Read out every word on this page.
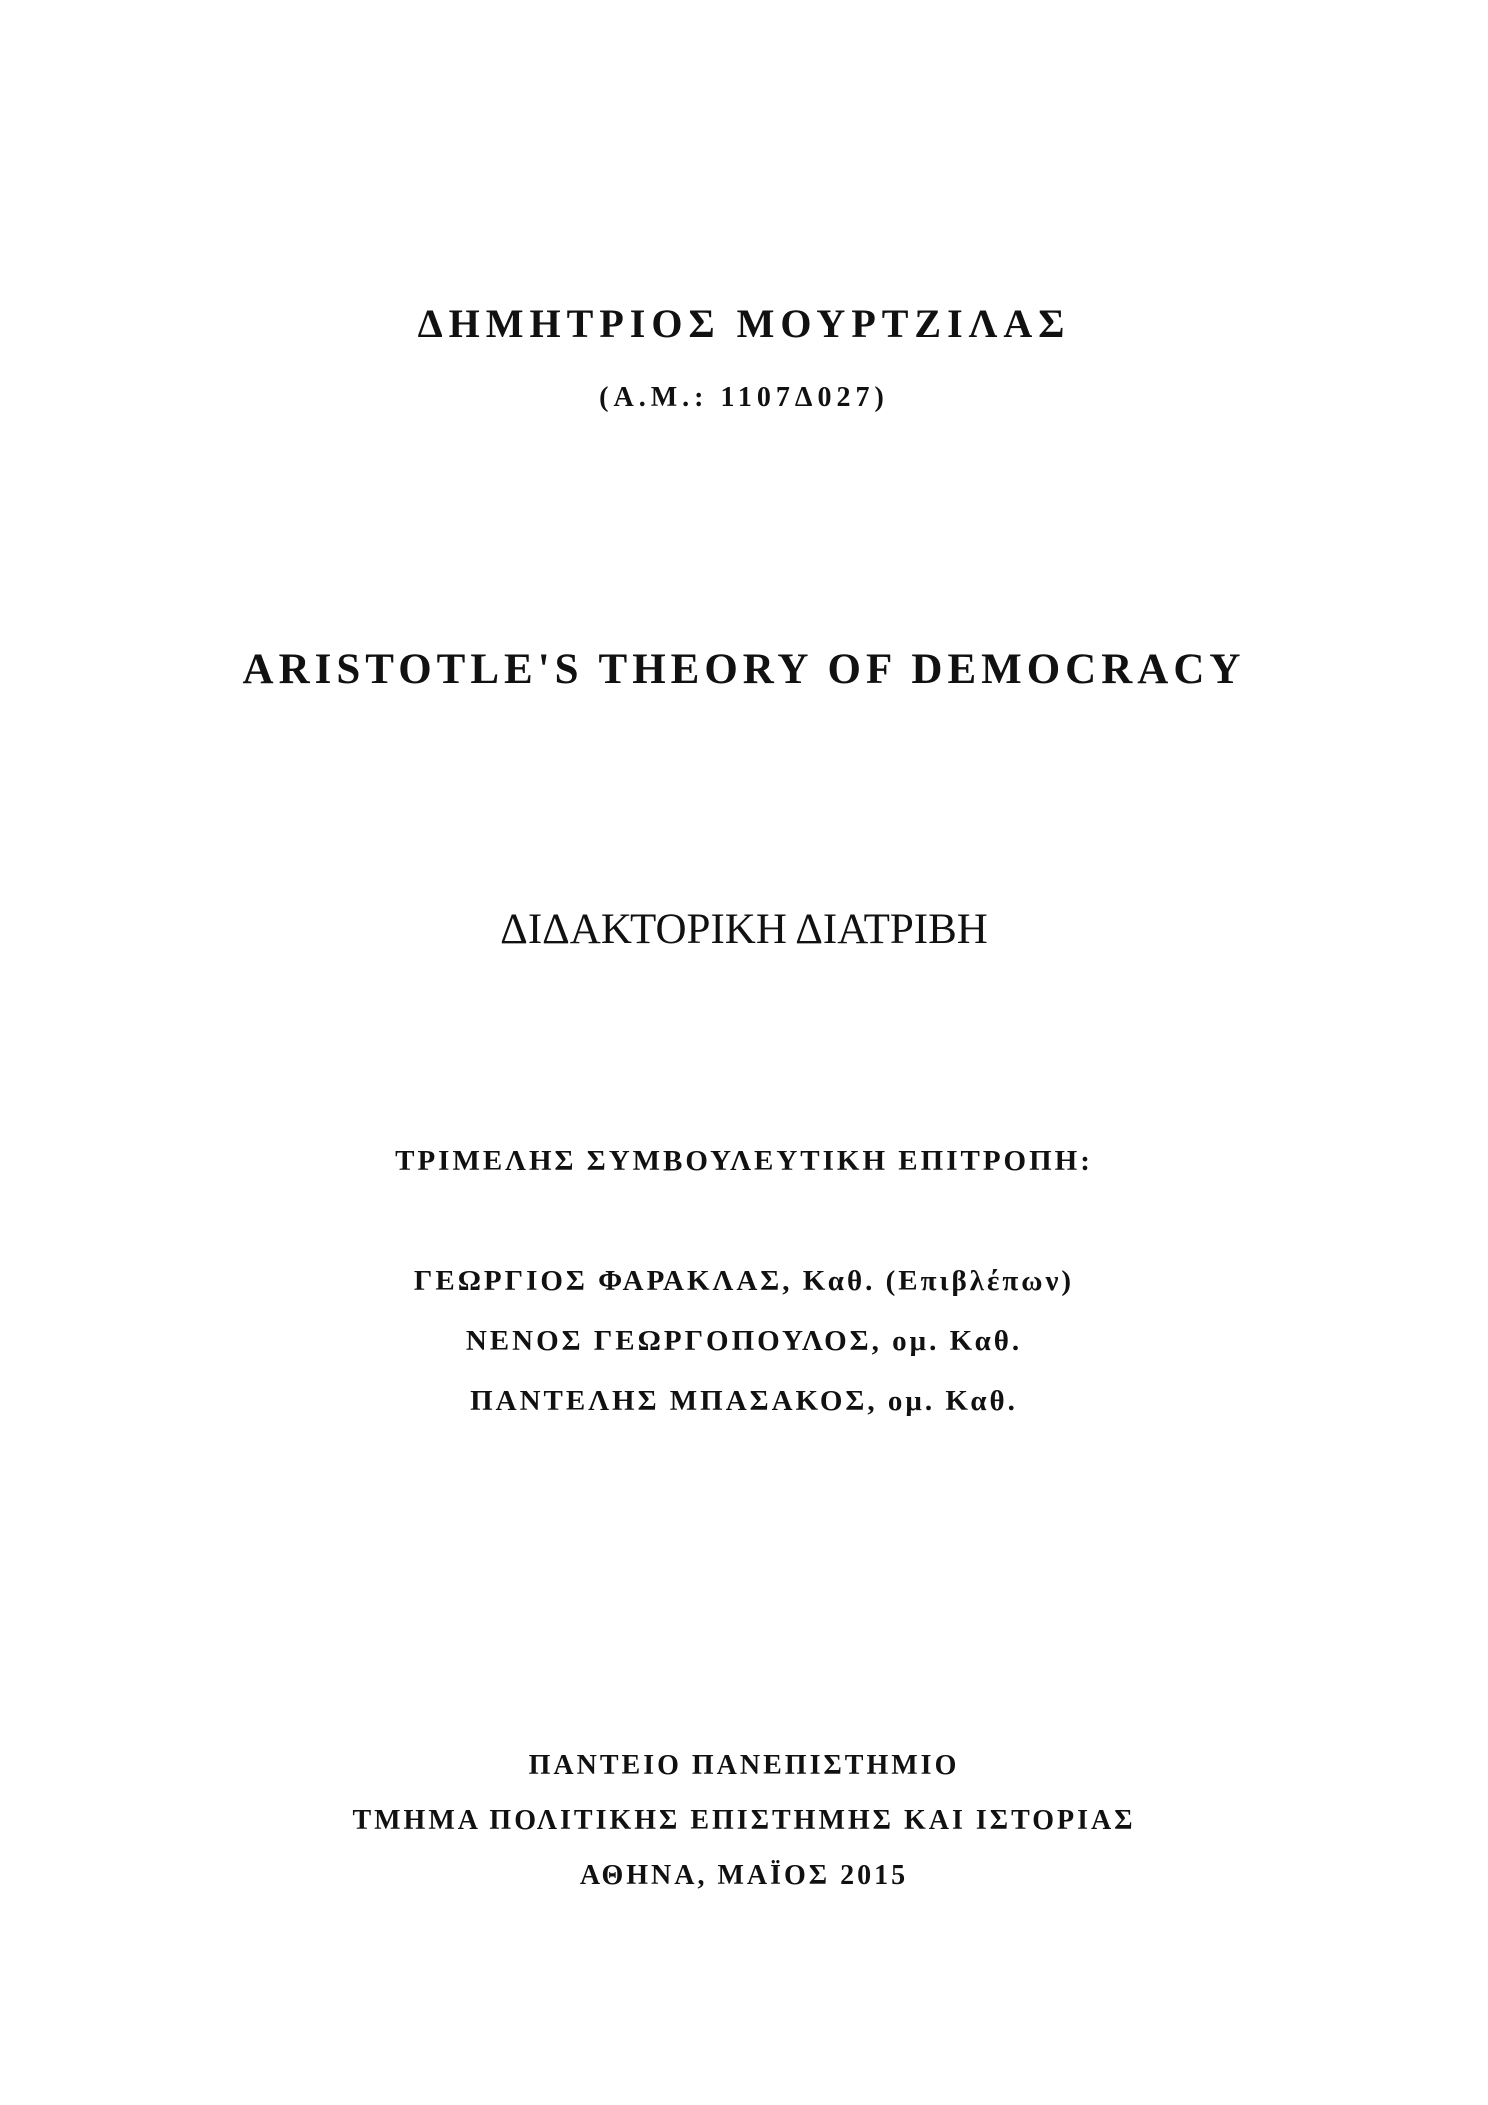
ΔΗΜΗΤΡΙΟΣ ΜΟΥΡΤΖΙΛΑΣ
(Α.Μ.: 1107Δ027)
ARISTOTLE'S THEORY OF DEMOCRACY
ΔΙΔΑΚΤΟΡΙΚΗ ΔΙΑΤΡΙΒΗ
ΤΡΙΜΕΛΗΣ ΣΥΜΒΟΥΛΕΥΤΙΚΗ ΕΠΙΤΡΟΠΗ:
ΓΕΩΡΓΙΟΣ ΦΑΡΑΚΛΑΣ, Καθ. (Επιβλέπων)
ΝΕΝΟΣ ΓΕΩΡΓΟΠΟΥΛΟΣ, ομ. Καθ.
ΠΑΝΤΕΛΗΣ ΜΠΑΣΑΚΟΣ, ομ. Καθ.
ΠΑΝΤΕΙΟ ΠΑΝΕΠΙΣΤΗΜΙΟ
ΤΜΗΜΑ ΠΟΛΙΤΙΚΗΣ ΕΠΙΣΤΗΜΗΣ ΚΑΙ ΙΣΤΟΡΙΑΣ
ΑΘΗΝΑ, ΜΑΪΟΣ 2015
